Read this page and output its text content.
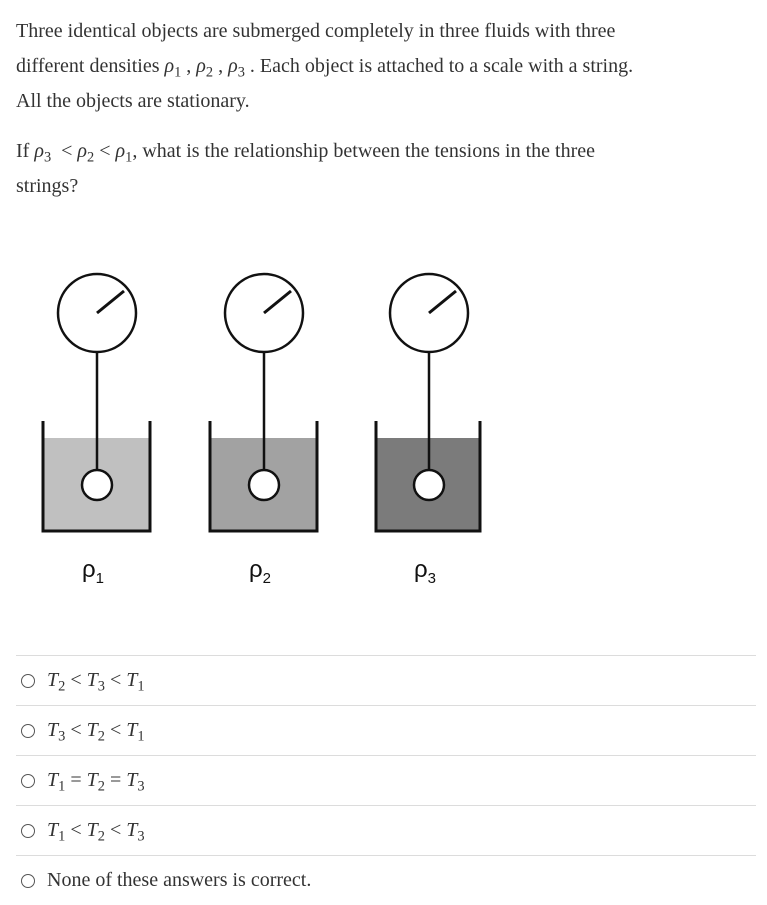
Three identical objects are submerged completely in three fluids with three
different densities $\rho_1$ , $\rho_2$ , $\rho_3$ . Each object is attached to a scale with a string.
All the objects are stationary.

If $\rho_3 < \rho_2 < \rho_1$, what is the relationship between the tensions in the three
strings?

$\rho_1$	$\rho_2$	$\rho_3$
$T_2 < T_3 < T_1$
$T_3 < T_2 < T_1$
$T_1 = T_2 = T_3$
$T_1 < T_2 < T_3$
None of these answers is correct.
